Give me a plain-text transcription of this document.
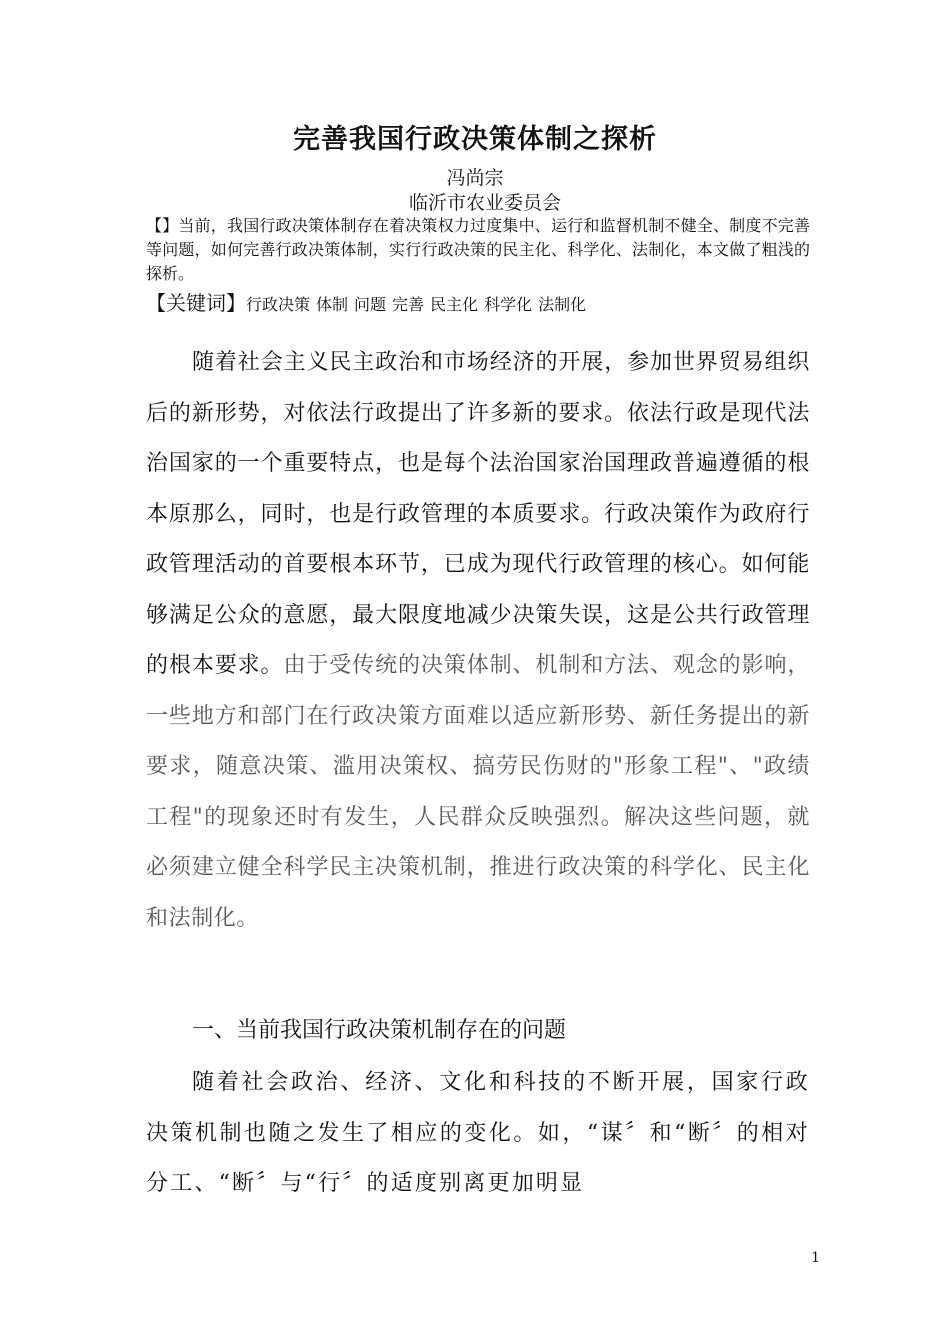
完善我国行政决策体制之探析
冯尚宗
临沂市农业委员会
【】当前，我国行政决策体制存在着决策权力过度集中、运行和监督机制不健全、制度不完善等问题，如何完善行政决策体制，实行行政决策的民主化、科学化、法制化，本文做了粗浅的探析。
【关键词】行政决策 体制 问题 完善 民主化 科学化 法制化
随着社会主义民主政治和市场经济的开展，参加世界贸易组织后的新形势，对依法行政提出了许多新的要求。依法行政是现代法治国家的一个重要特点，也是每个法治国家治国理政普遍遵循的根本原那么，同时，也是行政管理的本质要求。行政决策作为政府行政管理活动的首要根本环节，已成为现代行政管理的核心。如何能够满足公众的意愿，最大限度地减少决策失误，这是公共行政管理的根本要求。由于受传统的决策体制、机制和方法、观念的影响，一些地方和部门在行政决策方面难以适应新形势、新任务提出的新要求，随意决策、滥用决策权、搞劳民伤财的"形象工程"、"政绩工程"的现象还时有发生，人民群众反映强烈。解决这些问题，就必须建立健全科学民主决策机制，推进行政决策的科学化、民主化和法制化。
一、当前我国行政决策机制存在的问题
随着社会政治、经济、文化和科技的不断开展，国家行政决策机制也随之发生了相应的变化。如，“谋〞和“断〞的相对分工、“断〞与“行〞的适度别离更加明显
1
